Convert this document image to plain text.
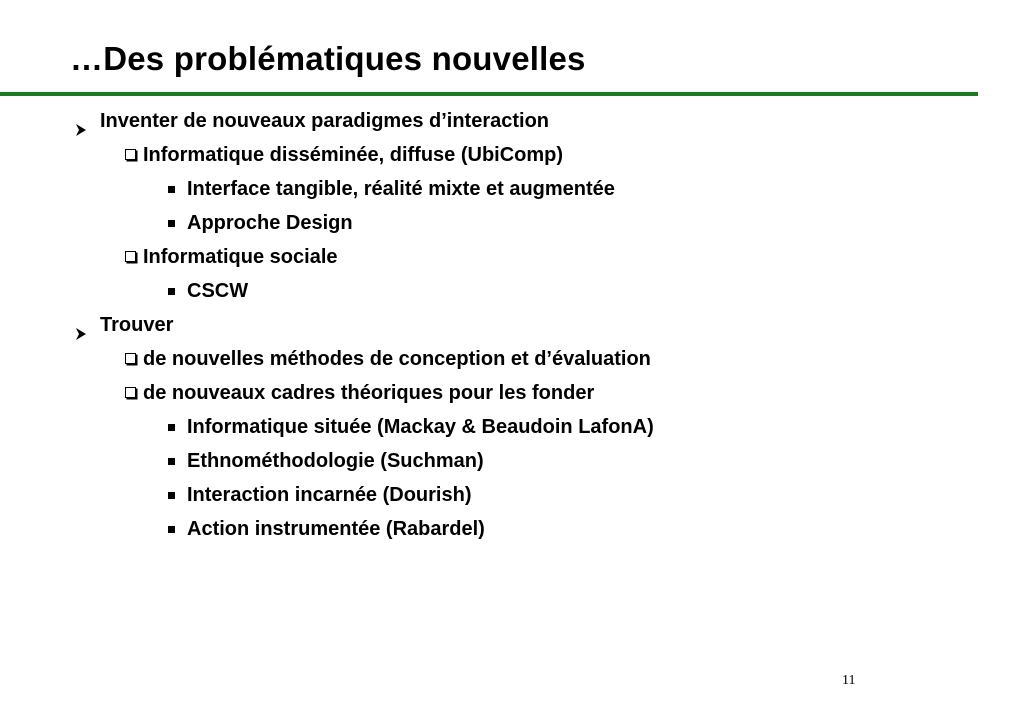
…Des problématiques nouvelles
Inventer de nouveaux paradigmes d’interaction
Informatique disséminée, diffuse (UbiComp)
Interface tangible, réalité mixte et augmentée
Approche Design
Informatique sociale
CSCW
Trouver
de nouvelles méthodes de conception et d’évaluation
de nouveaux cadres théoriques pour les fonder
Informatique située (Mackay & Beaudoin LafonA)
Ethnométhodologie (Suchman)
Interaction incarnée (Dourish)
Action instrumentée (Rabardel)
11
